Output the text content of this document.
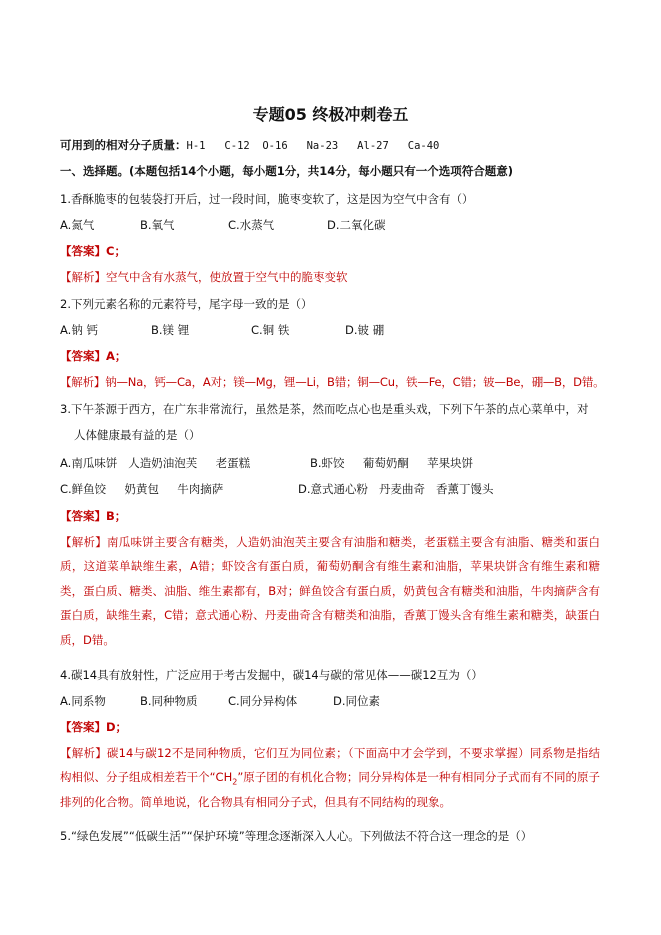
专题05 终极冲刺卷五
可用到的相对分子质量：H-1   C-12  O-16   Na-23   Al-27   Ca-40
一、选择题。(本题包括14个小题，每小题1分，共14分，每小题只有一个选项符合题意)
1.香酥脆枣的包装袋打开后，过一段时间，脆枣变软了，这是因为空气中含有（）
A.氮气	B.氧气	C.水蒸气	D.二氧化碳
【答案】C；
【解析】空气中含有水蒸气，使放置于空气中的脆枣变软
2.下列元素名称的元素符号，尾字母一致的是（）
A.钠 钙	B.镁 锂	C.铜 铁	D.铍 硼
【答案】A；
【解析】钠—Na，钙—Ca，A对；镁—Mg，锂—Li，B错；铜—Cu，铁—Fe，C错；铍—Be，硼—B，D错。
3.下午茶源于西方，在广东非常流行，虽然是茶，然而吃点心也是重头戏，下列下午茶的点心菜单中，对
人体健康最有益的是（）
A.南瓜味饼   人造奶油泡芙     老蛋糕	B.虾饺     葡萄奶酮     苹果块饼
C.鲜鱼饺     奶黄包     牛肉摘萨	D.意式通心粉   丹麦曲奇   香薰丁馒头
【答案】B；
【解析】南瓜味饼主要含有糖类，人造奶油泡芙主要含有油脂和糖类，老蛋糕主要含有油脂、糖类和蛋白质，这道菜单缺维生素，A错；虾饺含有蛋白质，葡萄奶酮含有维生素和油脂，苹果块饼含有维生素和糖类，蛋白质、糖类、油脂、维生素都有，B对；鲜鱼饺含有蛋白质，奶黄包含有糖类和油脂，牛肉摘萨含有蛋白质，缺维生素，C错；意式通心粉、丹麦曲奇含有糖类和油脂，香薰丁馒头含有维生素和糖类，缺蛋白质，D错。
4.碳14具有放射性，广泛应用于考古发掘中，碳14与碳的常见体——碳12互为（）
A.同系物	B.同种物质	C.同分异构体	D.同位素
【答案】D；
【解析】碳14与碳12不是同种物质，它们互为同位素；（下面高中才会学到，不要求掌握）同系物是指结构相似、分子组成相差若干个“$CH_2$”原子团的有机化合物；同分异构体是一种有相同分子式而有不同的原子排列的化合物。简单地说，化合物具有相同分子式，但具有不同结构的现象。
5.“绿色发展”“低碳生活”“保护环境”等理念逐渐深入人心。下列做法不符合这一理念的是（）
